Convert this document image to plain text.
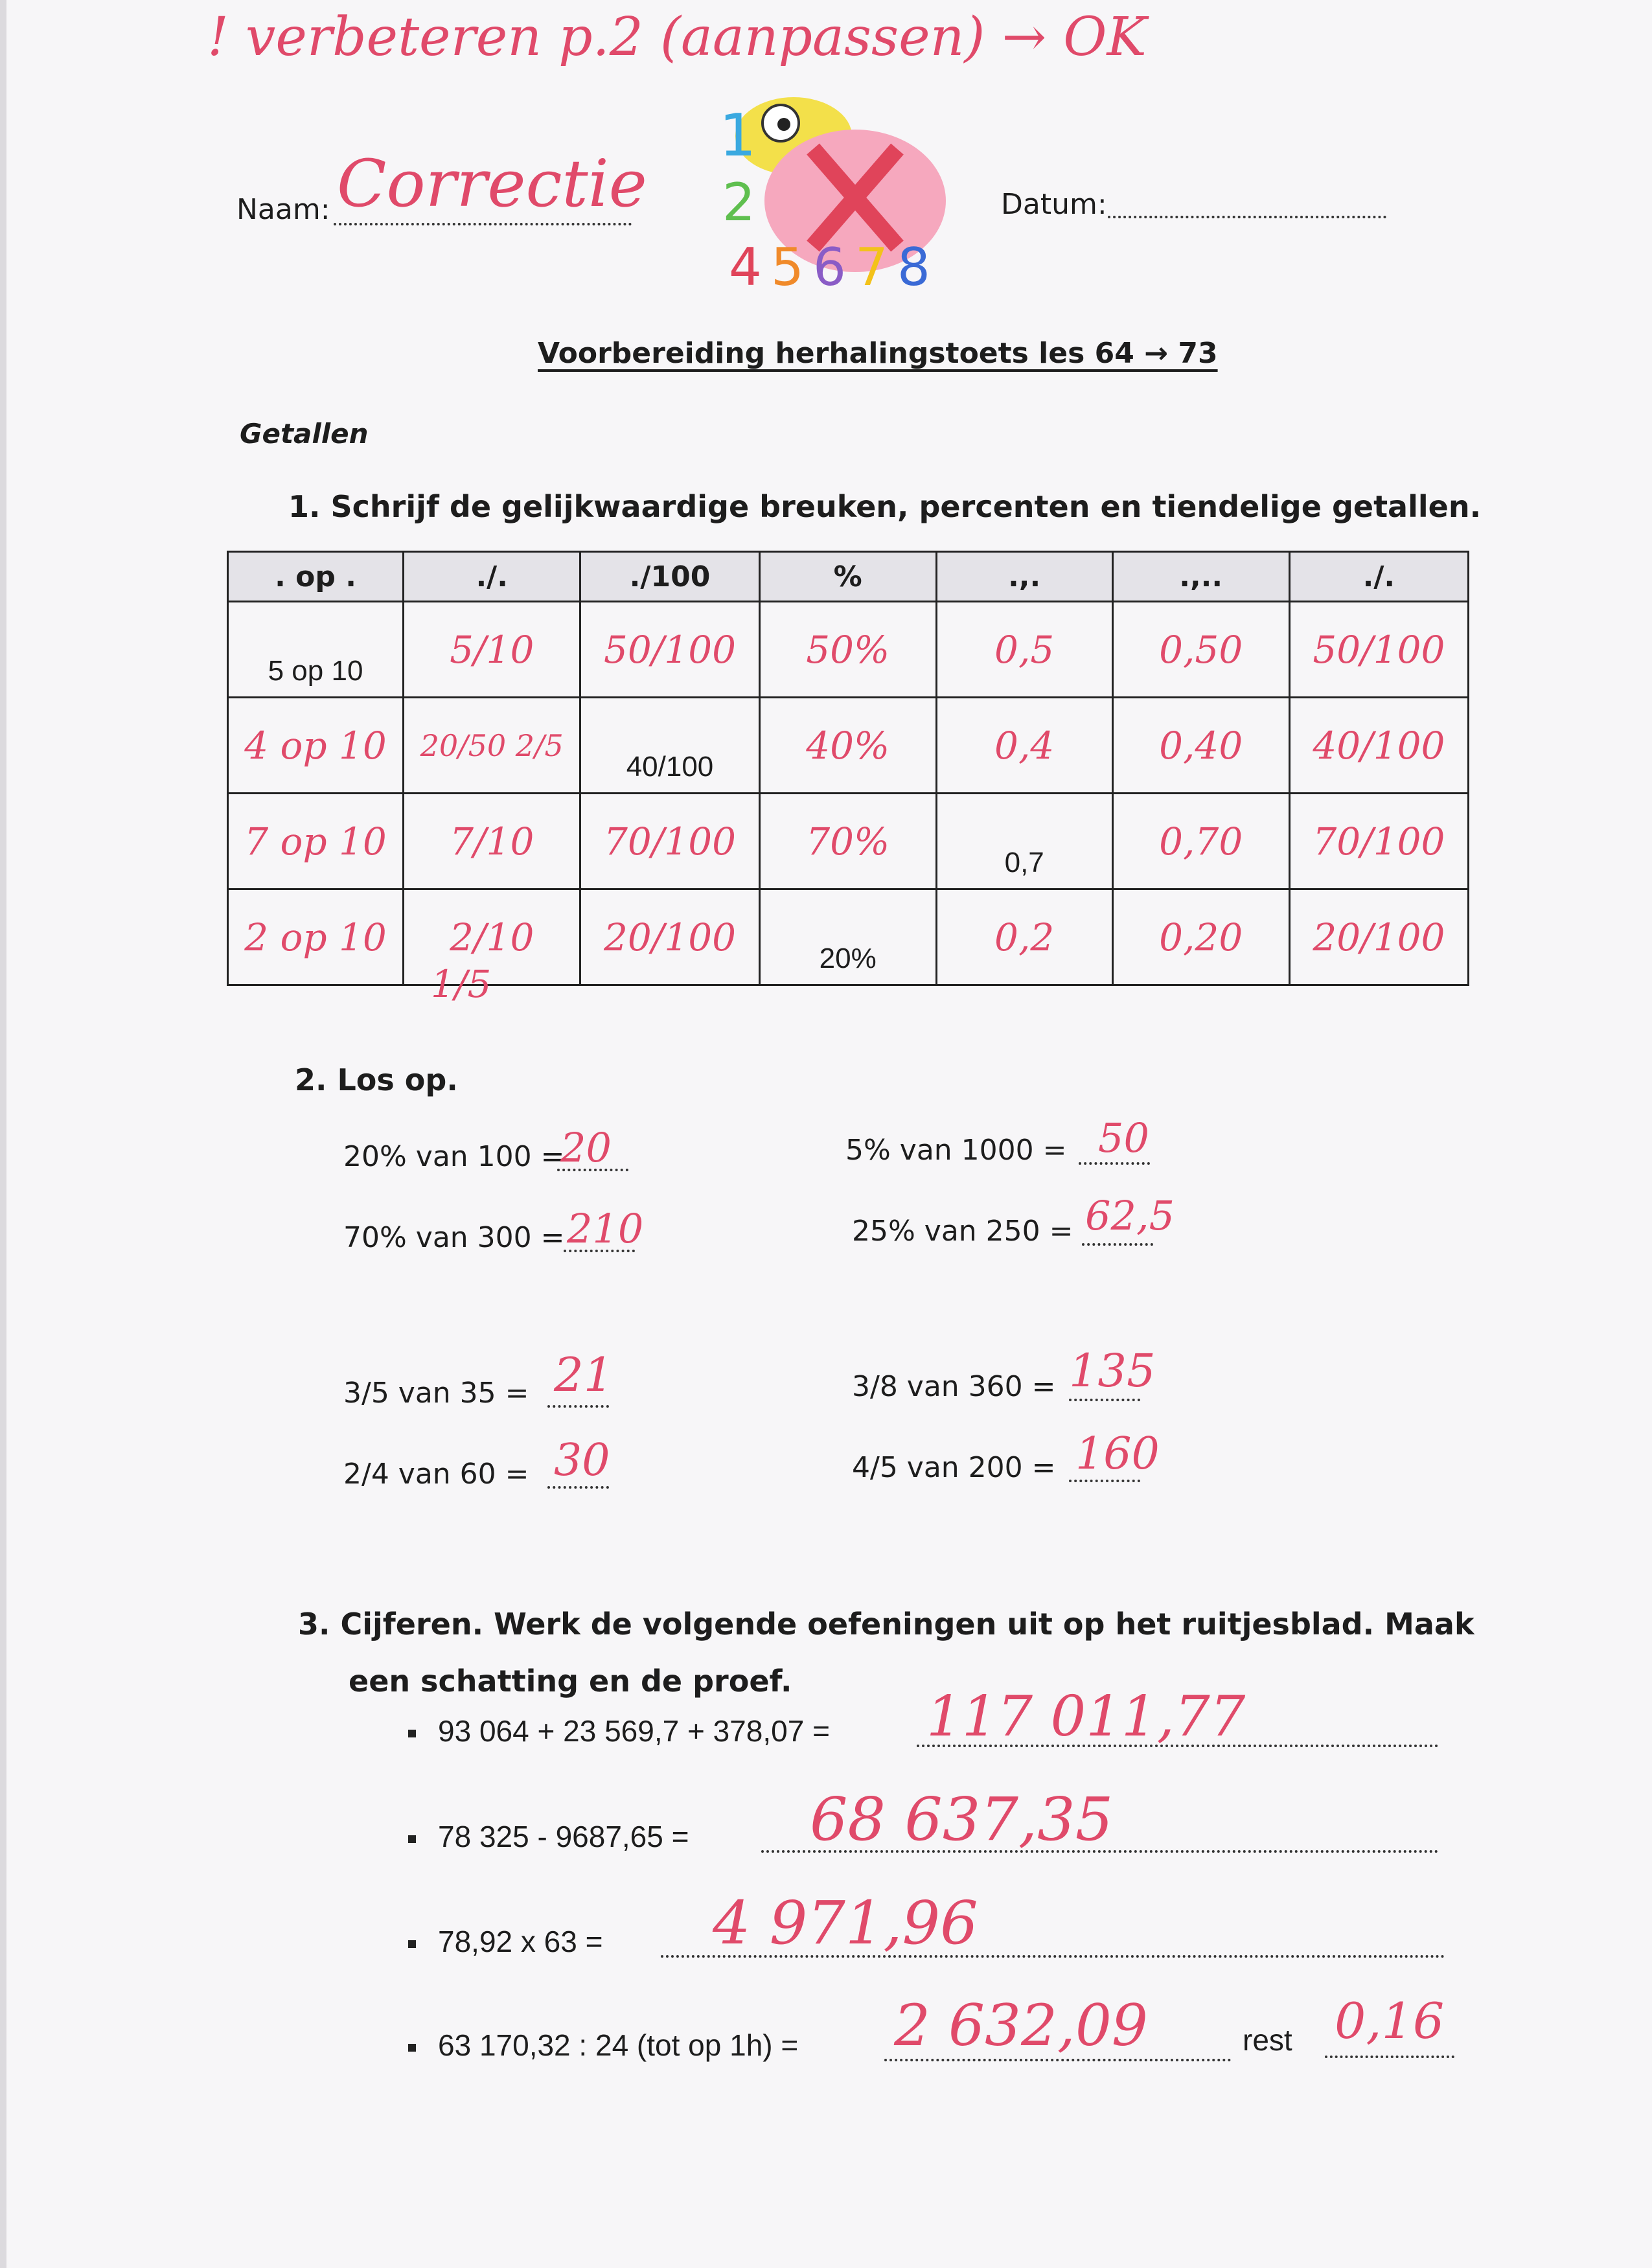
! verbeteren p.2 (aanpassen) → OK
Naam: Correctie
1
2
4 5 6 7 8
Datum:
Voorbereiding herhalingstoets les 64 → 73
Getallen
1. Schrijf de gelijkwaardige breuken, percenten en tiendelige getallen.
. op .	./.	./100	%	.,.	.,..	./.
5 op 10	5/10	50/100	50%	0,5	0,50	50/100
4 op 10	20/50 2/5	40/100	40%	0,4	0,40	40/100
7 op 10	7/10	70/100	70%	0,7	0,70	70/100
2 op 10	2/10	20/100	20%	0,2	0,20	20/100
1/5
2. Los op.
20% van 100 =
20	5% van 1000 = 50
70% van 300 = 210	25% van 250 = 62,5
3/5 van 35 = 21	3/8 van 360 = 135
2/4 van 60 = 30	4/5 van 200 = 160
3. Cijferen. Werk de volgende oefeningen uit op het ruitjesblad. Maak
een schatting en de proef.
93 064 + 23 569,7 + 378,07 = 117 011,77
78 325 - 9687,65 = 68 637,35
78,92 x 63 = 4 971,96
63 170,32 : 24 (tot op 1h) = 2 632,09	rest 0,16
